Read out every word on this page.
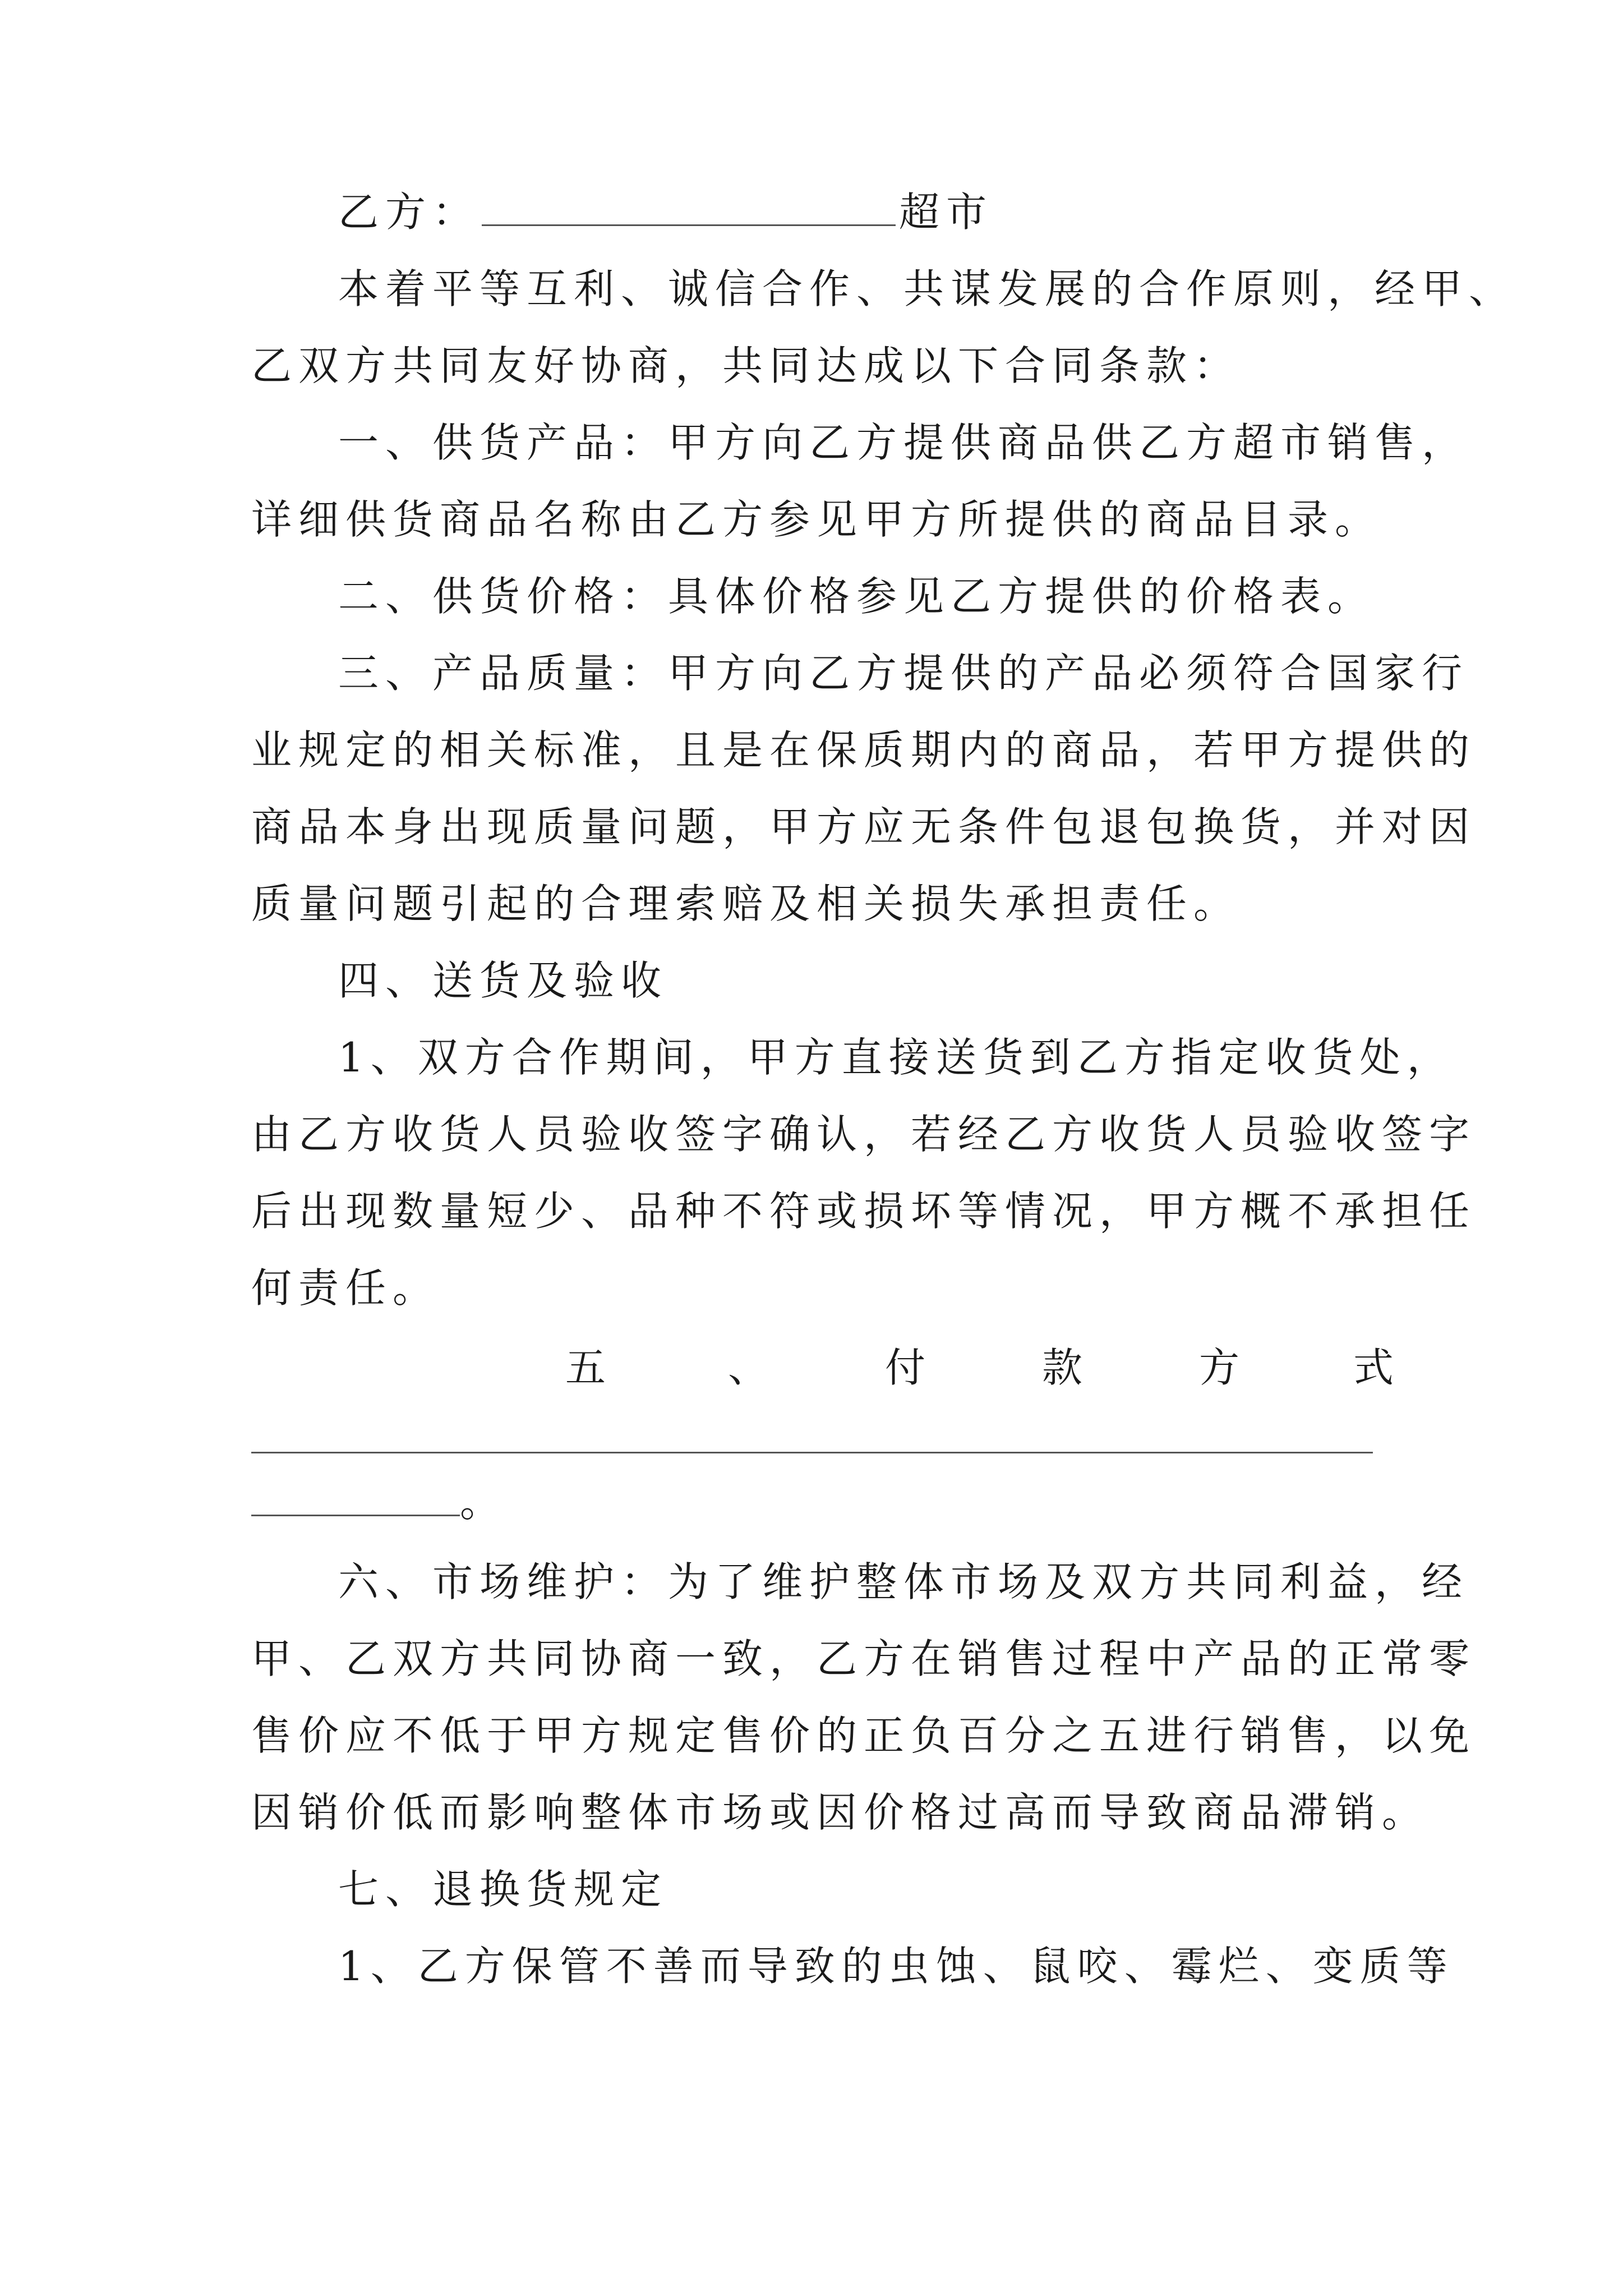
乙方：	超市
本着平等互利、诚信合作、共谋发展的合作原则，经甲、
乙双方共同友好协商，共同达成以下合同条款：
一、供货产品：甲方向乙方提供商品供乙方超市销售，
详细供货商品名称由乙方参见甲方所提供的商品目录。
二、供货价格：具体价格参见乙方提供的价格表。
三、产品质量：甲方向乙方提供的产品必须符合国家行
业规定的相关标准，且是在保质期内的商品，若甲方提供的
商品本身出现质量问题，甲方应无条件包退包换货，并对因
质量问题引起的合理索赔及相关损失承担责任。
四、送货及验收
1、双方合作期间，甲方直接送货到乙方指定收货处，
由乙方收货人员验收签字确认，若经乙方收货人员验收签字
后出现数量短少、品种不符或损坏等情况，甲方概不承担任
何责任。
五	、	付	款	方	式
。
六、市场维护：为了维护整体市场及双方共同利益，经
甲、乙双方共同协商一致，乙方在销售过程中产品的正常零
售价应不低于甲方规定售价的正负百分之五进行销售，以免
因销价低而影响整体市场或因价格过高而导致商品滞销。
七、退换货规定
1、乙方保管不善而导致的虫蚀、鼠咬、霉烂、变质等
